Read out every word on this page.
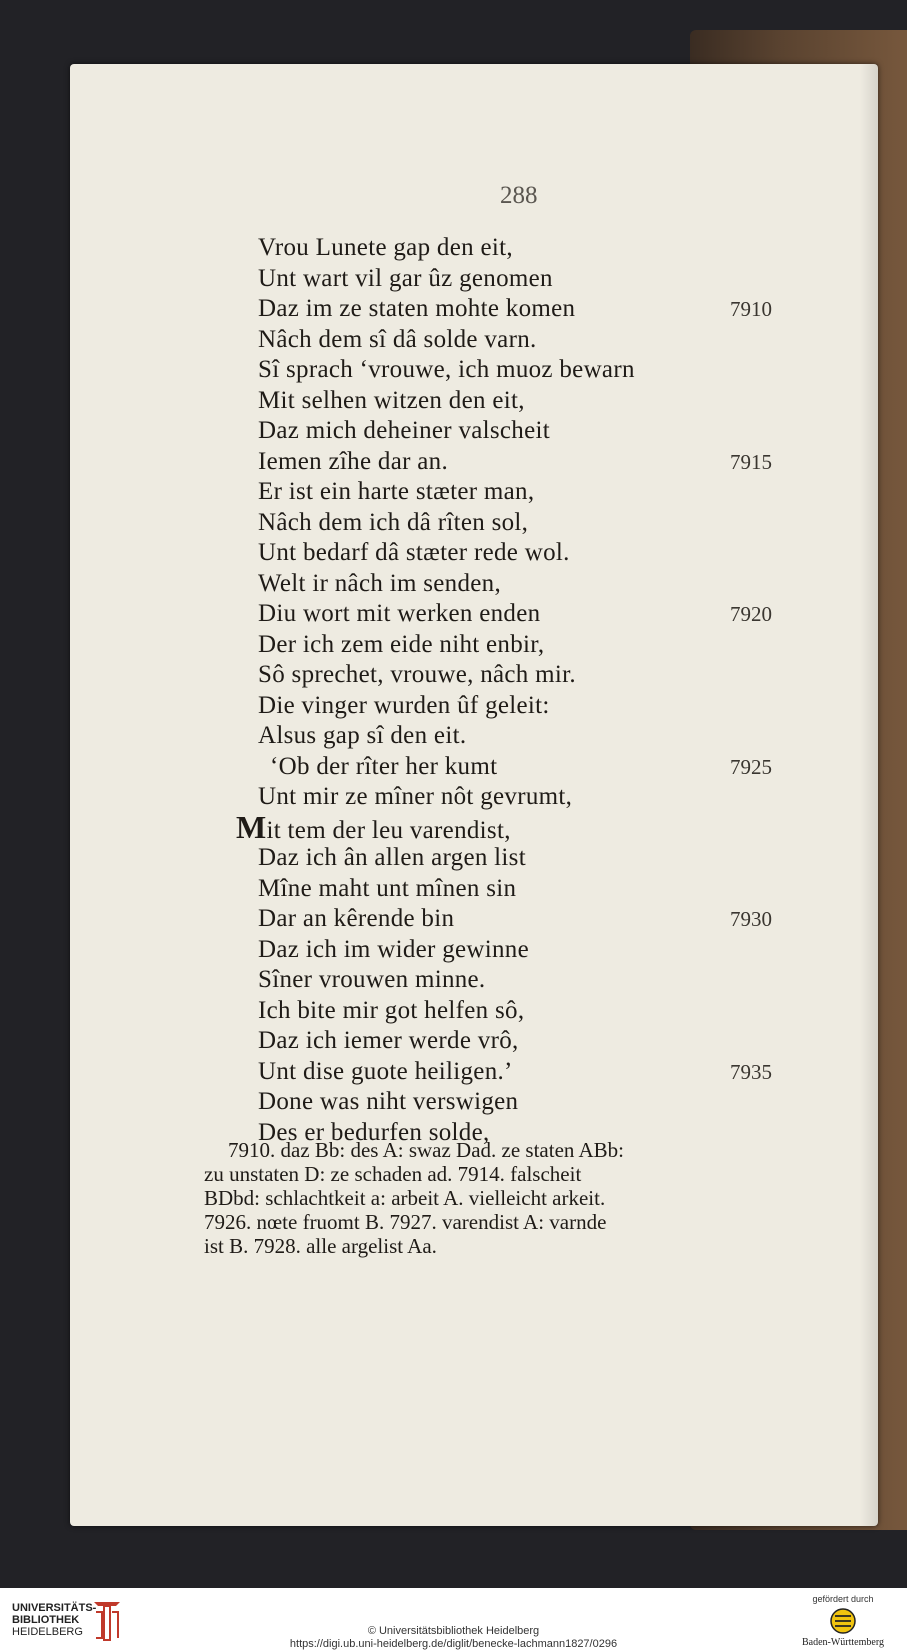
288
Vrou Lunete gap den eit,
Unt wart vil gar ûz genomen
Daz im ze staten mohte komen	7910
Nâch dem sî dâ solde varn.
Sî sprach ‘vrouwe, ich muoz bewarn
Mit selhen witzen den eit,
Daz mich deheiner valscheit
Iemen zîhe dar an.	7915
Er ist ein harte stæter man,
Nâch dem ich dâ rîten sol,
Unt bedarf dâ stæter rede wol.
Welt ir nâch im senden,
Diu wort mit werken enden	7920
Der ich zem eide niht enbir,
Sô sprechet, vrouwe, nâch mir.
Die vinger wurden ûf geleit:
Alsus gap sî den eit.
‘Ob der rîter her kumt	7925
Unt mir ze mîner nôt gevrumt,
Mit tem der leu varendist,
Daz ich ân allen argen list
Mîne maht unt mînen sin
Dar an kêrende bin	7930
Daz ich im wider gewinne
Sîner vrouwen minne.
Ich bite mir got helfen sô,
Daz ich iemer werde vrô,
Unt dise guote heiligen.’	7935
Done was niht verswigen
Des er bedurfen solde,
7910. daz Bb: des A: swaz Dad. ze staten ABb:
zu unstaten D: ze schaden ad. 7914. falscheit
BDbd: schlachtkeit a: arbeit A. vielleicht arkeit.
7926. nœte fruomt B. 7927. varendist A: varnde
ist B. 7928. alle argelist Aa.
UNIVERSITÄTS-
BIBLIOTHEK
HEIDELBERG	© Universitätsbibliothek Heidelberg
https://digi.ub.uni-heidelberg.de/diglit/benecke-lachmann1827/0296
gefördert durch
Baden-Württemberg
